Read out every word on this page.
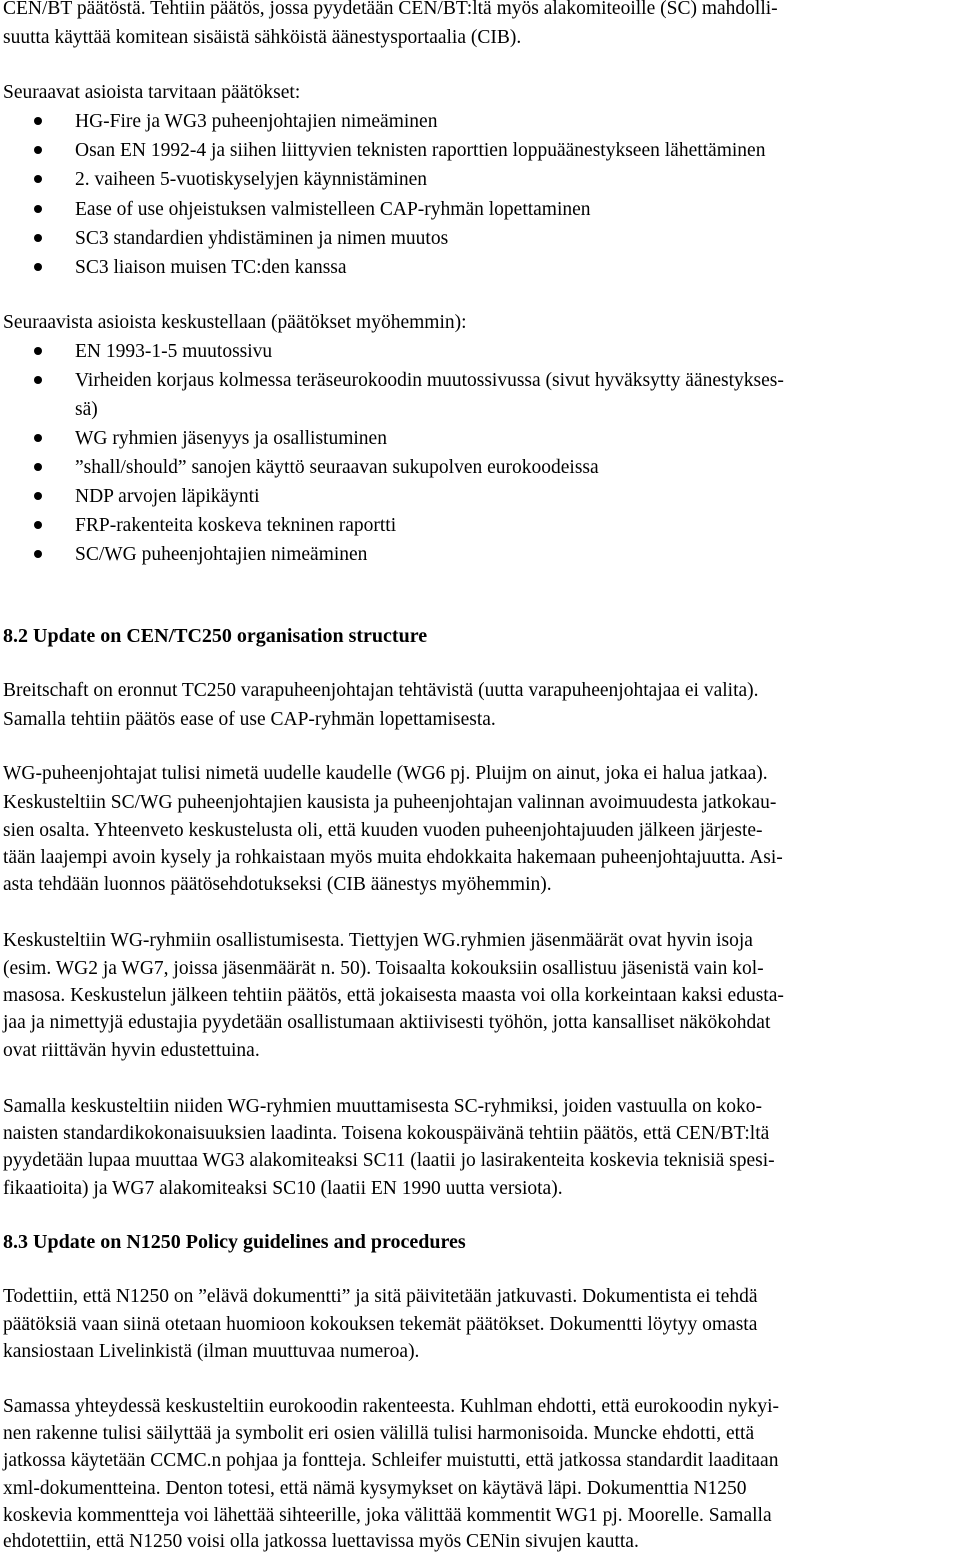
CEN/BT päätöstä. Tehtiin päätös, jossa pyydetään CEN/BT:ltä myös alakomiteoille (SC) mahdolli-
suutta käyttää komitean sisäistä sähköistä äänestysportaalia (CIB).
Seuraavat asioista tarvitaan päätökset:
HG-Fire ja WG3 puheenjohtajien nimeäminen
Osan EN 1992-4 ja siihen liittyvien teknisten raporttien loppuäänestykseen lähettäminen
2. vaiheen 5-vuotiskyselyjen käynnistäminen
Ease of use ohjeistuksen valmistelleen CAP-ryhmän lopettaminen
SC3 standardien yhdistäminen ja nimen muutos
SC3 liaison muisen TC:den kanssa
Seuraavista asioista keskustellaan (päätökset myöhemmin):
EN 1993-1-5 muutossivu
Virheiden korjaus kolmessa teräseurokoodin muutossivussa (sivut hyväksytty äänestykses-
sä)
WG ryhmien jäsenyys ja osallistuminen
”shall/should” sanojen käyttö seuraavan sukupolven eurokoodeissa
NDP arvojen läpikäynti
FRP-rakenteita koskeva tekninen raportti
SC/WG puheenjohtajien nimeäminen
8.2 Update on CEN/TC250 organisation structure
Breitschaft on eronnut TC250 varapuheenjohtajan tehtävistä (uutta varapuheenjohtajaa ei valita).
Samalla tehtiin päätös ease of use CAP-ryhmän lopettamisesta.
WG-puheenjohtajat tulisi nimetä uudelle kaudelle (WG6 pj. Pluijm on ainut, joka ei halua jatkaa).
Keskusteltiin SC/WG puheenjohtajien kausista ja puheenjohtajan valinnan avoimuudesta jatkokau-
sien osalta. Yhteenveto keskustelusta oli, että kuuden vuoden puheenjohtajuuden jälkeen järjeste-
tään laajempi avoin kysely ja rohkaistaan myös muita ehdokkaita hakemaan puheenjohtajuutta. Asi-
asta tehdään luonnos päätösehdotukseksi (CIB äänestys myöhemmin).
Keskusteltiin WG-ryhmiin osallistumisesta. Tiettyjen WG.ryhmien jäsenmäärät ovat hyvin isoja
(esim. WG2 ja WG7, joissa jäsenmäärät n. 50). Toisaalta kokouksiin osallistuu jäsenistä vain kol-
masosa. Keskustelun jälkeen tehtiin päätös, että jokaisesta maasta voi olla korkeintaan kaksi edusta-
jaa ja nimettyjä edustajia pyydetään osallistumaan aktiivisesti työhön, jotta kansalliset näkökohdat
ovat riittävän hyvin edustettuina.
Samalla keskusteltiin niiden WG-ryhmien muuttamisesta SC-ryhmiksi, joiden vastuulla on koko-
naisten standardikokonaisuuksien laadinta. Toisena kokouspäivänä tehtiin päätös, että CEN/BT:ltä
pyydetään lupaa muuttaa WG3 alakomiteaksi SC11 (laatii jo lasirakenteita koskevia teknisiä spesi-
fikaatioita) ja WG7 alakomiteaksi SC10 (laatii EN 1990 uutta versiota).
8.3 Update on N1250 Policy guidelines and procedures
Todettiin, että N1250 on ”elävä dokumentti” ja sitä päivitetään jatkuvasti. Dokumentista ei tehdä
päätöksiä vaan siinä otetaan huomioon kokouksen tekemät päätökset. Dokumentti löytyy omasta
kansiostaan Livelinkistä (ilman muuttuvaa numeroa).
Samassa yhteydessä keskusteltiin eurokoodin rakenteesta. Kuhlman ehdotti, että eurokoodin nykyi-
nen rakenne tulisi säilyttää ja symbolit eri osien välillä tulisi harmonisoida. Muncke ehdotti, että
jatkossa käytetään CCMC.n pohjaa ja fontteja. Schleifer muistutti, että jatkossa standardit laaditaan
xml-dokumentteina. Denton totesi, että nämä kysymykset on käytävä läpi. Dokumenttia N1250
koskevia kommentteja voi lähettää sihteerille, joka välittää kommentit WG1 pj. Moorelle. Samalla
ehdotettiin, että N1250 voisi olla jatkossa luettavissa myös CENin sivujen kautta.
